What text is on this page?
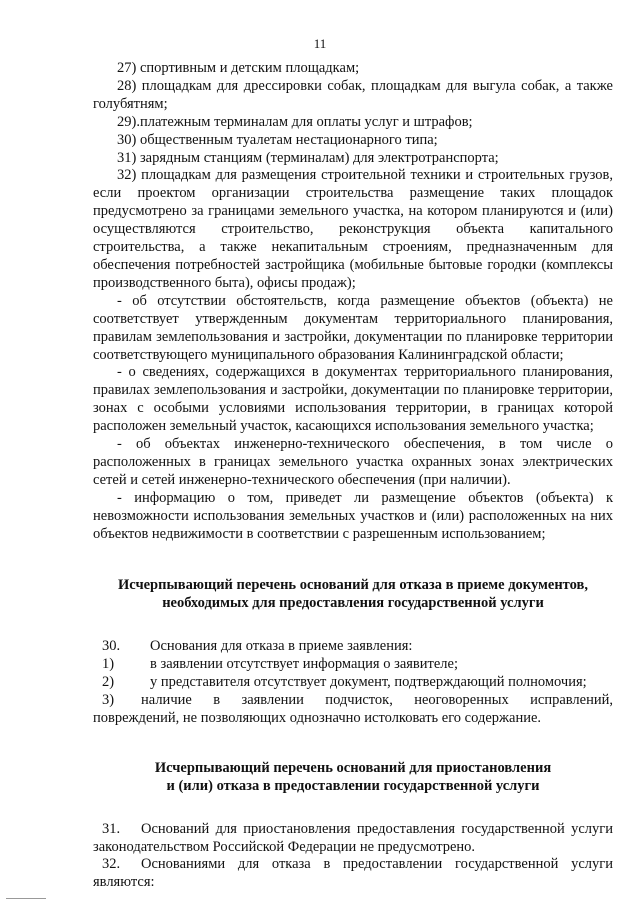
11

27) спортивным и детским площадкам;

28) площадкам для дрессировки собак, площадкам для выгула собак, а также голубятням;

29).платежным терминалам для оплаты услуг и штрафов;

30) общественным туалетам нестационарного типа;

31) зарядным станциям (терминалам) для электротранспорта;

32) площадкам для размещения строительной техники и строительных грузов, если проектом организации строительства размещение таких площадок предусмотрено за границами земельного участка, на котором планируются и (или) осуществляются строительство, реконструкция объекта капитального строительства, а также некапитальным строениям, предназначенным для обеспечения потребностей застройщика (мобильные бытовые городки (комплексы производственного быта), офисы продаж);

- об отсутствии обстоятельств, когда размещение объектов (объекта) не соответствует утвержденным документам территориального планирования, правилам землепользования и застройки, документации по планировке территории соответствующего муниципального образования Калининградской области;

- о сведениях, содержащихся в документах территориального планирования, правилах землепользования и застройки, документации по планировке территории, зонах с особыми условиями использования территории, в границах которой расположен земельный участок, касающихся использования земельного участка;

- об объектах инженерно-технического обеспечения, в том числе о расположенных в границах земельного участка охранных зонах электрических сетей и сетей инженерно-технического обеспечения (при наличии).

- информацию о том, приведет ли размещение объектов (объекта) к невозможности использования земельных участков и (или) расположенных на них объектов недвижимости в соответствии с разрешенным использованием;

Исчерпывающий перечень оснований для отказа в приеме документов,
необходимых для предоставления государственной услуги

30.	Основания для отказа в приеме заявления:
1)	в заявлении отсутствует информация о заявителе;
2)	у представителя отсутствует документ, подтверждающий полномочия;

3) наличие в заявлении подчисток, неоговоренных исправлений, повреждений, не позволяющих однозначно истолковать его содержание.

Исчерпывающий перечень оснований для приостановления
и (или) отказа в предоставлении государственной услуги

31. Оснований для приостановления предоставления государственной услуги законодательством Российской Федерации не предусмотрено.

32. Основаниями для отказа в предоставлении государственной услуги являются:
